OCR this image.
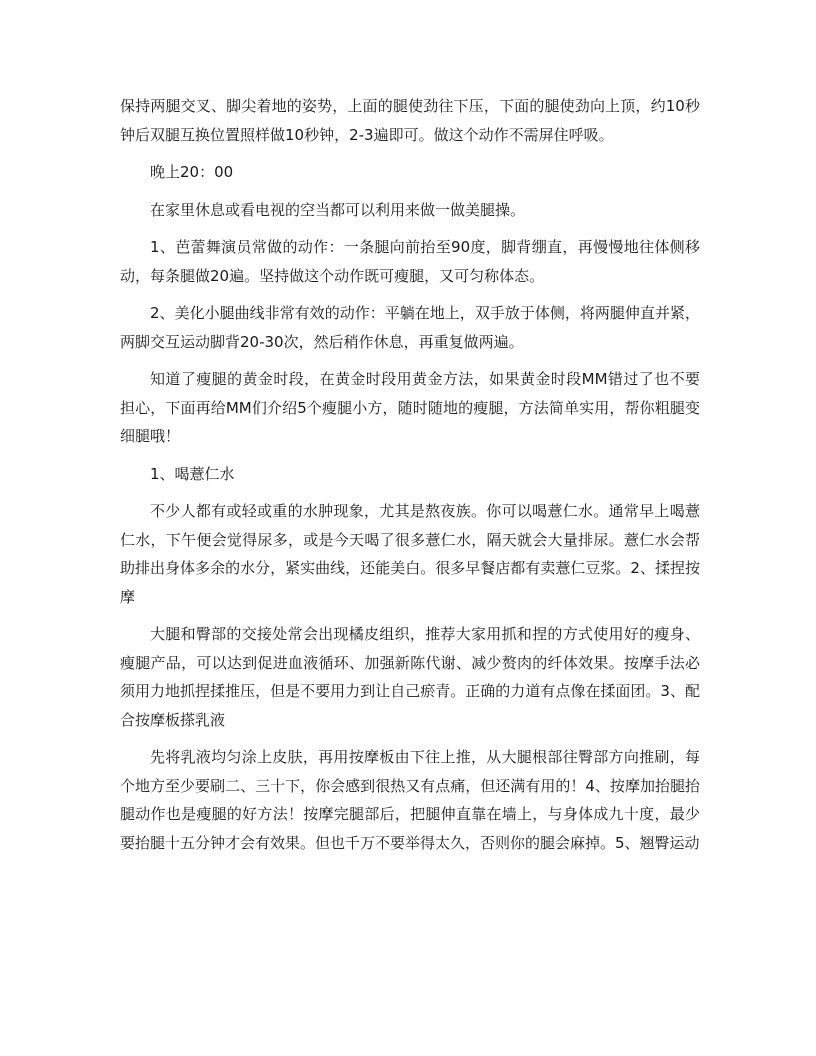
保持两腿交叉、脚尖着地的姿势，上面的腿使劲往下压，下面的腿使劲向上顶，约10秒钟后双腿互换位置照样做10秒钟，2-3遍即可。做这个动作不需屏住呼吸。

晚上20：00

在家里休息或看电视的空当都可以利用来做一做美腿操。

1、芭蕾舞演员常做的动作：一条腿向前抬至90度，脚背绷直，再慢慢地往体侧移动，每条腿做20遍。坚持做这个动作既可瘦腿，又可匀称体态。

2、美化小腿曲线非常有效的动作：平躺在地上，双手放于体侧，将两腿伸直并紧，两脚交互运动脚背20-30次，然后稍作休息，再重复做两遍。

知道了瘦腿的黄金时段，在黄金时段用黄金方法，如果黄金时段MM错过了也不要担心，下面再给MM们介绍5个瘦腿小方，随时随地的瘦腿，方法简单实用，帮你粗腿变细腿哦！

1、喝薏仁水

不少人都有或轻或重的水肿现象，尤其是熬夜族。你可以喝薏仁水。通常早上喝薏仁水，下午便会觉得尿多，或是今天喝了很多薏仁水，隔天就会大量排尿。薏仁水会帮助排出身体多余的水分，紧实曲线，还能美白。很多早餐店都有卖薏仁豆浆。2、揉捏按摩

大腿和臀部的交接处常会出现橘皮组织，推荐大家用抓和捏的方式使用好的瘦身、瘦腿产品，可以达到促进血液循环、加强新陈代谢、减少赘肉的纤体效果。按摩手法必须用力地抓捏揉推压，但是不要用力到让自己瘀青。正确的力道有点像在揉面团。3、配合按摩板搽乳液

先将乳液均匀涂上皮肤，再用按摩板由下往上推，从大腿根部往臀部方向推刷，每个地方至少要刷二、三十下，你会感到很热又有点痛，但还满有用的！4、按摩加抬腿抬腿动作也是瘦腿的好方法！按摩完腿部后，把腿伸直靠在墙上，与身体成九十度，最少要抬腿十五分钟才会有效果。但也千万不要举得太久，否则你的腿会麻掉。5、翘臀运动
